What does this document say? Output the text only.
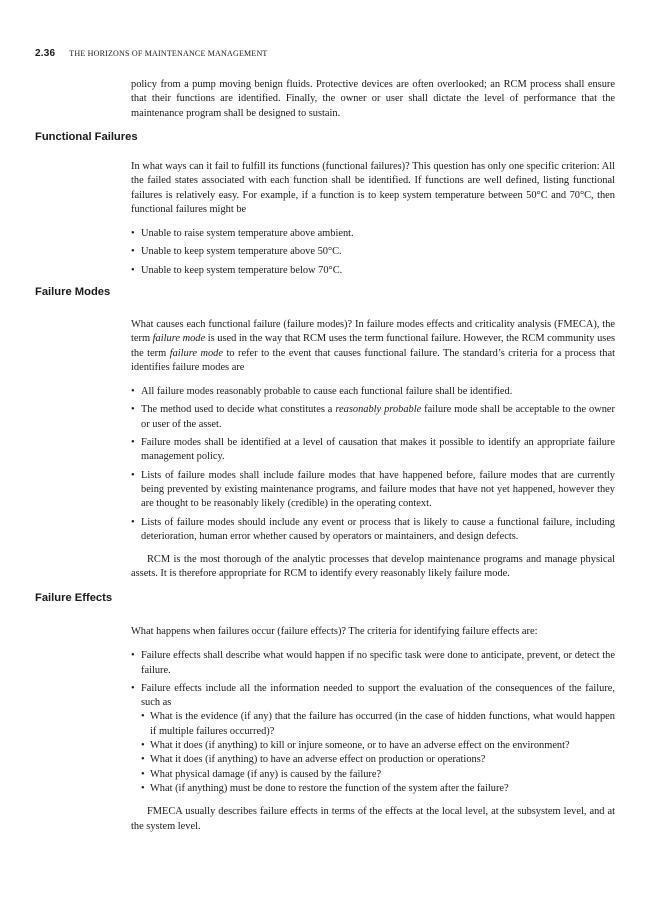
2.36 THE HORIZONS OF MAINTENANCE MANAGEMENT

policy from a pump moving benign fluids. Protective devices are often overlooked; an RCM process shall ensure that their functions are identified. Finally, the owner or user shall dictate the level of performance that the maintenance program shall be designed to sustain.

Functional Failures

In what ways can it fail to fulfill its functions (functional failures)? This question has only one specific criterion: All the failed states associated with each function shall be identified. If functions are well defined, listing functional failures is relatively easy. For example, if a function is to keep system temperature between 50°C and 70°C, then functional failures might be

• Unable to raise system temperature above ambient.
• Unable to keep system temperature above 50°C.
• Unable to keep system temperature below 70°C.
Failure Modes

What causes each functional failure (failure modes)? In failure modes effects and criticality analysis (FMECA), the term failure mode is used in the way that RCM uses the term functional failure. However, the RCM community uses the term failure mode to refer to the event that causes functional failure. The standard’s criteria for a process that identifies failure modes are

• All failure modes reasonably probable to cause each functional failure shall be identified.
• The method used to decide what constitutes a reasonably probable failure mode shall be acceptable to the owner or user of the asset.
• Failure modes shall be identified at a level of causation that makes it possible to identify an appropriate failure management policy.
• Lists of failure modes shall include failure modes that have happened before, failure modes that are currently being prevented by existing maintenance programs, and failure modes that have not yet happened, however they are thought to be reasonably likely (credible) in the operating context.
• Lists of failure modes should include any event or process that is likely to cause a functional failure, including deterioration, human error whether caused by operators or maintainers, and design defects.

RCM is the most thorough of the analytic processes that develop maintenance programs and manage physical assets. It is therefore appropriate for RCM to identify every reasonably likely failure mode.

Failure Effects

What happens when failures occur (failure effects)? The criteria for identifying failure effects are:

• Failure effects shall describe what would happen if no specific task were done to anticipate, prevent, or detect the failure.
• Failure effects include all the information needed to support the evaluation of the consequences of the failure, such as
• What is the evidence (if any) that the failure has occurred (in the case of hidden functions, what would happen if multiple failures occurred)?
• What it does (if anything) to kill or injure someone, or to have an adverse effect on the environment?
• What it does (if anything) to have an adverse effect on production or operations?
• What physical damage (if any) is caused by the failure?
• What (if anything) must be done to restore the function of the system after the failure?

FMECA usually describes failure effects in terms of the effects at the local level, at the subsystem level, and at the system level.
